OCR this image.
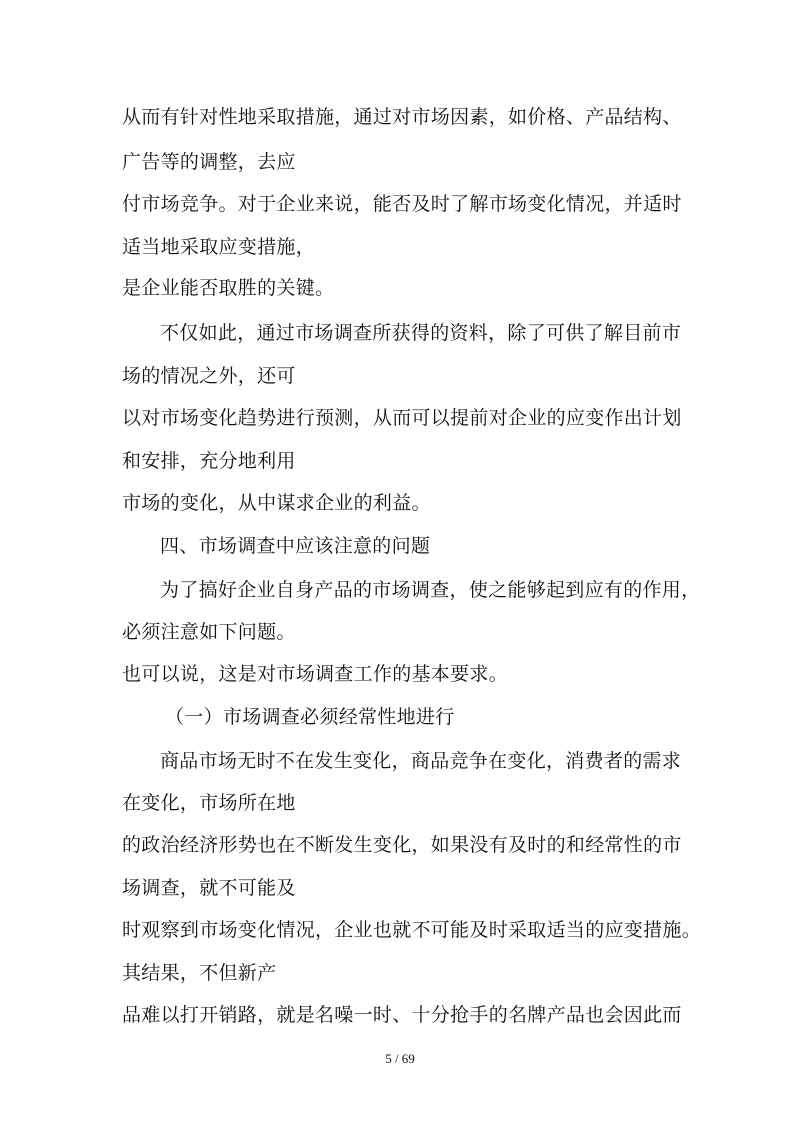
从而有针对性地采取措施，通过对市场因素，如价格、产品结构、
广告等的调整，去应
付市场竞争。对于企业来说，能否及时了解市场变化情况，并适时
适当地采取应变措施，
是企业能否取胜的关键。
不仅如此，通过市场调查所获得的资料，除了可供了解目前市
场的情况之外，还可
以对市场变化趋势进行预测，从而可以提前对企业的应变作出计划
和安排，充分地利用
市场的变化，从中谋求企业的利益。
四、市场调查中应该注意的问题
为了搞好企业自身产品的市场调查，使之能够起到应有的作用，
必须注意如下问题。
也可以说，这是对市场调查工作的基本要求。
（一）市场调查必须经常性地进行
商品市场无时不在发生变化，商品竞争在变化，消费者的需求
在变化，市场所在地
的政治经济形势也在不断发生变化，如果没有及时的和经常性的市
场调查，就不可能及
时观察到市场变化情况，企业也就不可能及时采取适当的应变措施。
其结果，不但新产
品难以打开销路，就是名噪一时、十分抢手的名牌产品也会因此而
5 / 69
